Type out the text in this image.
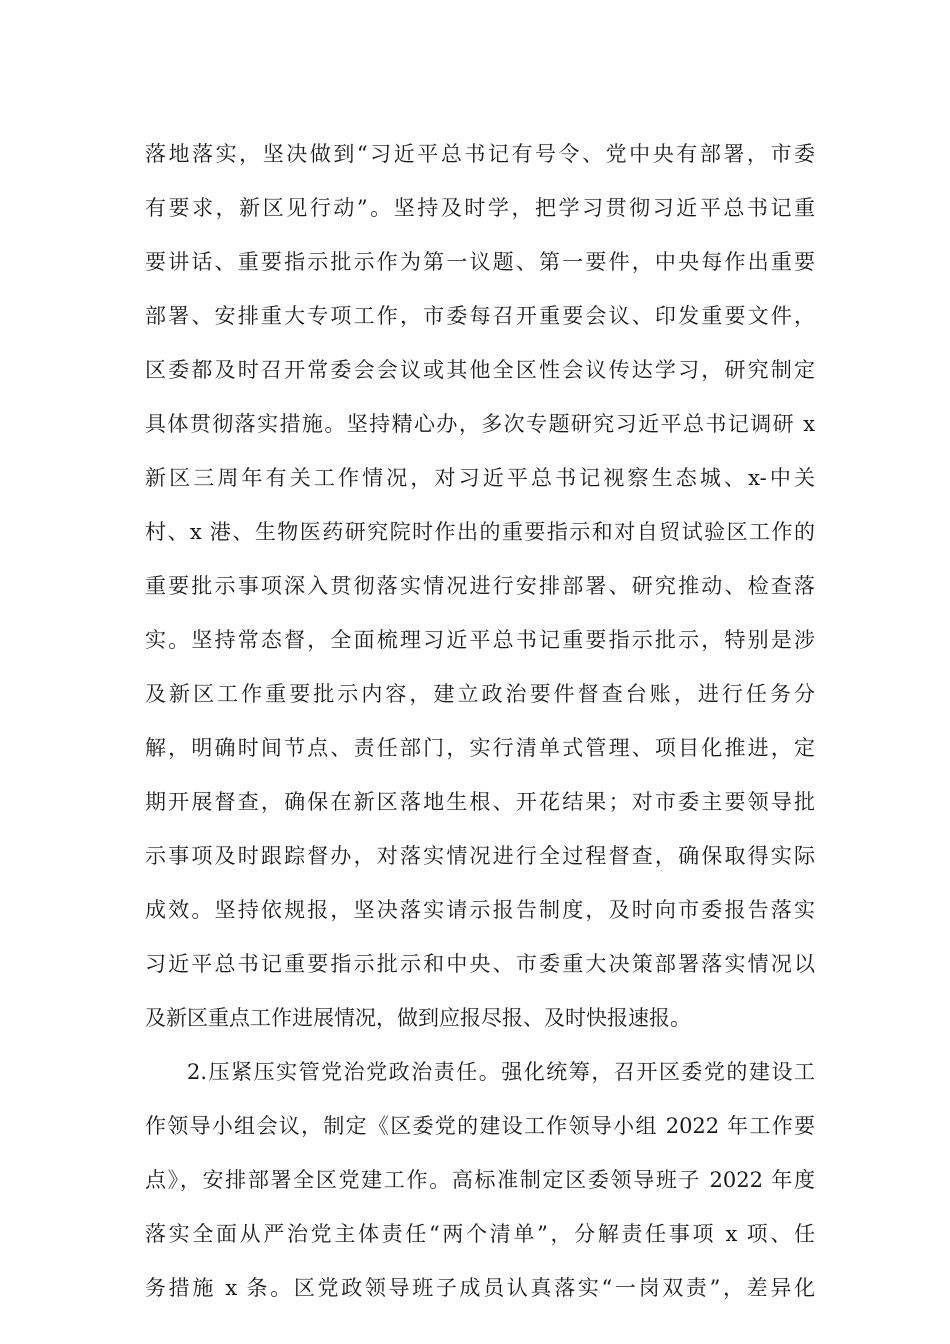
落地落实，坚决做到“习近平总书记有号令、党中央有部署，市委
有要求，新区见行动”。坚持及时学，把学习贯彻习近平总书记重
要讲话、重要指示批示作为第一议题、第一要件，中央每作出重要
部署、安排重大专项工作，市委每召开重要会议、印发重要文件，
区委都及时召开常委会会议或其他全区性会议传达学习，研究制定
具体贯彻落实措施。坚持精心办，多次专题研究习近平总书记调研 x
新区三周年有关工作情况，对习近平总书记视察生态城、x-中关
村、x 港、生物医药研究院时作出的重要指示和对自贸试验区工作的
重要批示事项深入贯彻落实情况进行安排部署、研究推动、检查落
实。坚持常态督，全面梳理习近平总书记重要指示批示，特别是涉
及新区工作重要批示内容，建立政治要件督查台账，进行任务分
解，明确时间节点、责任部门，实行清单式管理、项目化推进，定
期开展督查，确保在新区落地生根、开花结果；对市委主要领导批
示事项及时跟踪督办，对落实情况进行全过程督查，确保取得实际
成效。坚持依规报，坚决落实请示报告制度，及时向市委报告落实
习近平总书记重要指示批示和中央、市委重大决策部署落实情况以
及新区重点工作进展情况，做到应报尽报、及时快报速报。
2.压紧压实管党治党政治责任。强化统筹，召开区委党的建设工
作领导小组会议，制定《区委党的建设工作领导小组 2022 年工作要
点》，安排部署全区党建工作。高标准制定区委领导班子 2022 年度
落实全面从严治党主体责任“两个清单”，分解责任事项 x 项、任
务措施 x 条。区党政领导班子成员认真落实“一岗双责”，差异化
